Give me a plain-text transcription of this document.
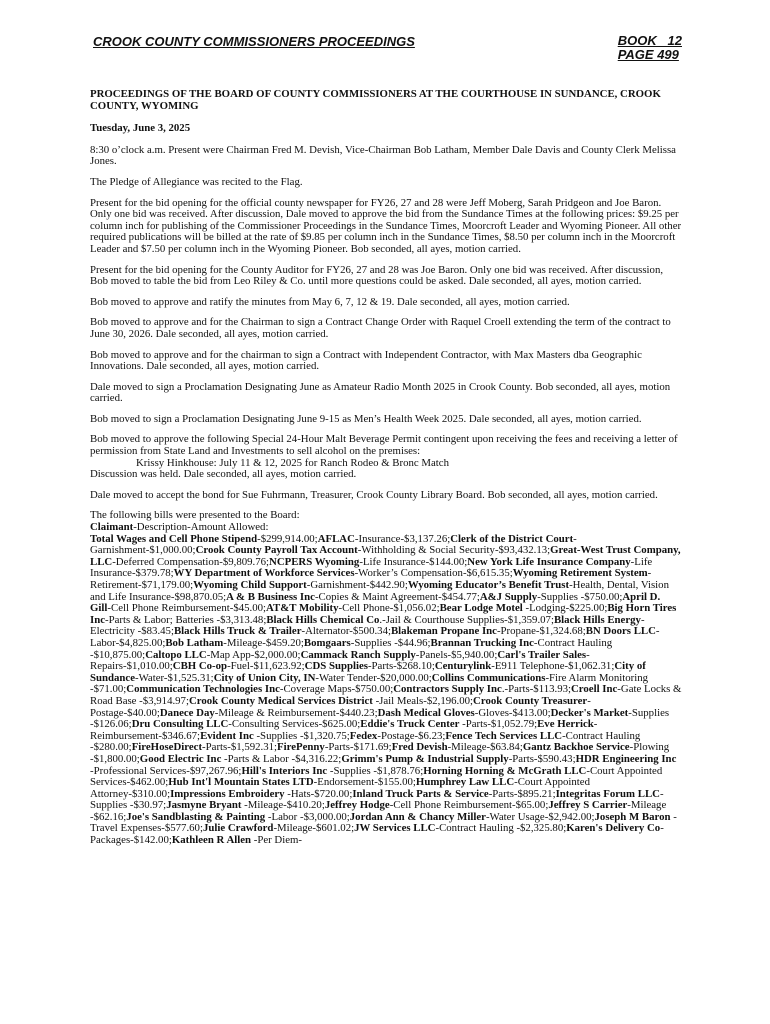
CROOK COUNTY COMMISSIONERS PROCEEDINGS	BOOK   12
PAGE 499

PROCEEDINGS OF THE BOARD OF COUNTY COMMISSIONERS AT THE COURTHOUSE IN SUNDANCE, CROOK COUNTY, WYOMING

Tuesday, June 3, 2025

8:30 o’clock a.m. Present were Chairman Fred M. Devish, Vice-Chairman Bob Latham, Member Dale Davis and County Clerk Melissa Jones.

The Pledge of Allegiance was recited to the Flag.

Present for the bid opening for the official county newspaper for FY26, 27 and 28 were Jeff Moberg, Sarah Pridgeon and Joe Baron. Only one bid was received. After discussion, Dale moved to approve the bid from the Sundance Times at the following prices: $9.25 per column inch for publishing of the Commissioner Proceedings in the Sundance Times, Moorcroft Leader and Wyoming Pioneer. All other required publications will be billed at the rate of $9.85 per column inch in the Sundance Times, $8.50 per column inch in the Moorcroft Leader and $7.50 per column inch in the Wyoming Pioneer. Bob seconded, all ayes, motion carried.

Present for the bid opening for the County Auditor for FY26, 27 and 28 was Joe Baron. Only one bid was received. After discussion, Bob moved to table the bid from Leo Riley & Co. until more questions could be asked. Dale seconded, all ayes, motion carried.

Bob moved to approve and ratify the minutes from May 6, 7, 12 & 19. Dale seconded, all ayes, motion carried.

Bob moved to approve and for the Chairman to sign a Contract Change Order with Raquel Croell extending the term of the contract to June 30, 2026. Dale seconded, all ayes, motion carried.

Bob moved to approve and for the chairman to sign a Contract with Independent Contractor, with Max Masters dba Geographic Innovations. Dale seconded, all ayes, motion carried.

Dale moved to sign a Proclamation Designating June as Amateur Radio Month 2025 in Crook County. Bob seconded, all ayes, motion carried.

Bob moved to sign a Proclamation Designating June 9-15 as Men’s Health Week 2025. Dale seconded, all ayes, motion carried.

Bob moved to approve the following Special 24-Hour Malt Beverage Permit contingent upon receiving the fees and receiving a letter of permission from State Land and Investments to sell alcohol on the premises:
Krissy Hinkhouse: July 11 & 12, 2025 for Ranch Rodeo & Bronc Match
Discussion was held. Dale seconded, all ayes, motion carried.

Dale moved to accept the bond for Sue Fuhrmann, Treasurer, Crook County Library Board. Bob seconded, all ayes, motion carried.

The following bills were presented to the Board:
Claimant-Description-Amount Allowed:
Total Wages and Cell Phone Stipend-$299,914.00;AFLAC-Insurance-$3,137.26;Clerk of the District Court-Garnishment-$1,000.00;Crook County Payroll Tax Account-Withholding & Social Security-$93,432.13;Great-West Trust Company, LLC-Deferred Compensation-$9,809.76;NCPERS Wyoming-Life Insurance-$144.00;New York Life Insurance Company-Life Insurance-$379.78;WY Department of Workforce Services-Worker’s Compensation-$6,615.35;Wyoming Retirement System-Retirement-$71,179.00;Wyoming Child Support-Garnishment-$442.90;Wyoming Educator’s Benefit Trust-Health, Dental, Vision and Life Insurance-$98,870.05;A & B Business Inc-Copies & Maint Agreement-$454.77;A&J Supply-Supplies -$750.00;April D. Gill-Cell Phone Reimbursement-$45.00;AT&T Mobility-Cell Phone-$1,056.02;Bear Lodge Motel -Lodging-$225.00;Big Horn Tires Inc-Parts & Labor; Batteries -$3,313.48;Black Hills Chemical Co.-Jail & Courthouse Supplies-$1,359.07;Black Hills Energy-Electricity -$83.45;Black Hills Truck & Trailer-Alternator-$500.34;Blakeman Propane Inc-Propane-$1,324.68;BN Doors LLC-Labor-$4,825.00;Bob Latham-Mileage-$459.20;Bomgaars-Supplies -$44.96;Brannan Trucking Inc-Contract Hauling -$10,875.00;Caltopo LLC-Map App-$2,000.00;Cammack Ranch Supply-Panels-$5,940.00;Carl's Trailer Sales-Repairs-$1,010.00;CBH Co-op-Fuel-$11,623.92;CDS Supplies-Parts-$268.10;Centurylink-E911 Telephone-$1,062.31;City of Sundance-Water-$1,525.31;City of Union City, IN-Water Tender-$20,000.00;Collins Communications-Fire Alarm Monitoring -$71.00;Communication Technologies Inc-Coverage Maps-$750.00;Contractors Supply Inc.-Parts-$113.93;Croell Inc-Gate Locks & Road Base -$3,914.97;Crook County Medical Services District -Jail Meals-$2,196.00;Crook County Treasurer-Postage-$40.00;Danece Day-Mileage & Reimbursement-$440.23;Dash Medical Gloves-Gloves-$413.00;Decker's Market-Supplies -$126.06;Dru Consulting LLC-Consulting Services-$625.00;Eddie's Truck Center -Parts-$1,052.79;Eve Herrick-Reimbursement-$346.67;Evident Inc -Supplies -$1,320.75;Fedex-Postage-$6.23;Fence Tech Services LLC-Contract Hauling -$280.00;FireHoseDirect-Parts-$1,592.31;FirePenny-Parts-$171.69;Fred Devish-Mileage-$63.84;Gantz Backhoe Service-Plowing -$1,800.00;Good Electric Inc -Parts & Labor -$4,316.22;Grimm's Pump & Industrial Supply-Parts-$590.43;HDR Engineering Inc -Professional Services-$97,267.96;Hill's Interiors Inc -Supplies -$1,878.76;Horning Horning & McGrath LLC-Court Appointed Services-$462.00;Hub Int'l Mountain States LTD-Endorsement-$155.00;Humphrey Law LLC-Court Appointed Attorney-$310.00;Impressions Embroidery -Hats-$720.00;Inland Truck Parts & Service-Parts-$895.21;Integritas Forum LLC-Supplies -$30.97;Jasmyne Bryant -Mileage-$410.20;Jeffrey Hodge-Cell Phone Reimbursement-$65.00;Jeffrey S Carrier-Mileage -$62.16;Joe's Sandblasting & Painting -Labor -$3,000.00;Jordan Ann & Chancy Miller-Water Usage-$2,942.00;Joseph M Baron -Travel Expenses-$577.60;Julie Crawford-Mileage-$601.02;JW Services LLC-Contract Hauling -$2,325.80;Karen's Delivery Co-Packages-$142.00;Kathleen R Allen -Per Diem-
